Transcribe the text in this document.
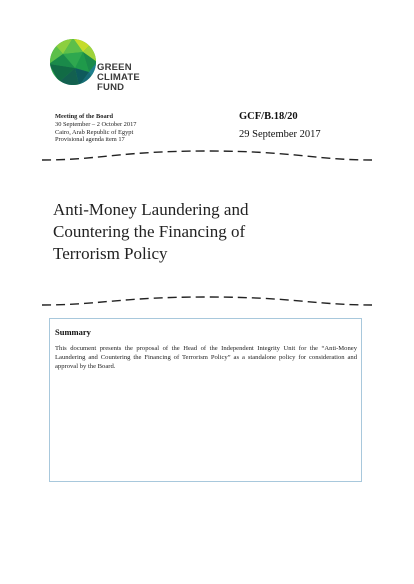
GREEN
CLIMATE
FUND
Meeting of the Board
30 September – 2 October 2017
Cairo, Arab Republic of Egypt
Provisional agenda item 17
GCF/B.18/20
29 September 2017
Anti-Money Laundering and
Countering the Financing of
Terrorism Policy
Summary
This document presents the proposal of the Head of the Independent Integrity Unit for the “Anti-Money Laundering and Countering the Financing of Terrorism Policy” as a standalone policy for consideration and approval by the Board.
